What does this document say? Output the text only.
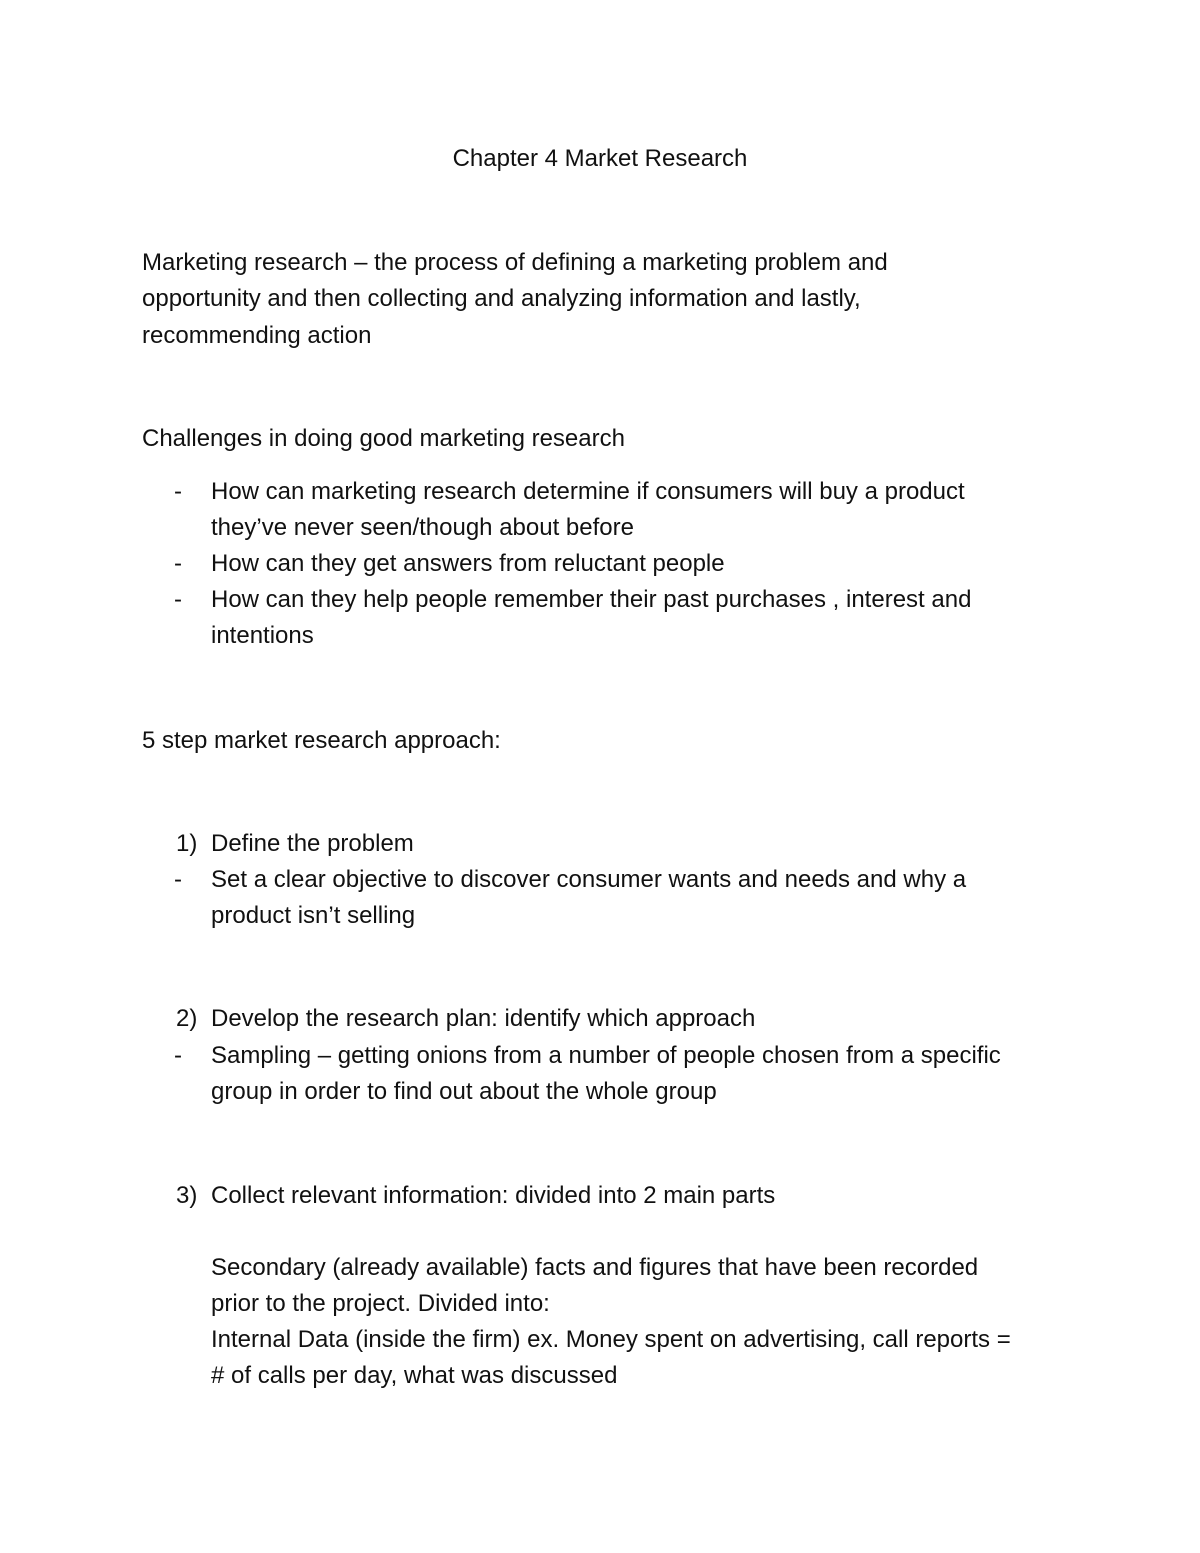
Chapter 4 Market Research
Marketing research – the process of defining a marketing problem and
opportunity and then collecting and analyzing information and lastly,
recommending action
Challenges in doing good marketing research
- How can marketing research determine if consumers will buy a product
they’ve never seen/though about before
- How can they get answers from reluctant people
- How can they help people remember their past purchases , interest and
intentions
5 step market research approach:
1) Define the problem
- Set a clear objective to discover consumer wants and needs and why a
product isn’t selling
2) Develop the research plan: identify which approach
- Sampling – getting onions from a number of people chosen from a specific
group in order to find out about the whole group
3) Collect relevant information: divided into 2 main parts
Secondary (already available) facts and figures that have been recorded
prior to the project. Divided into:
Internal Data (inside the firm) ex. Money spent on advertising, call reports =
# of calls per day, what was discussed
